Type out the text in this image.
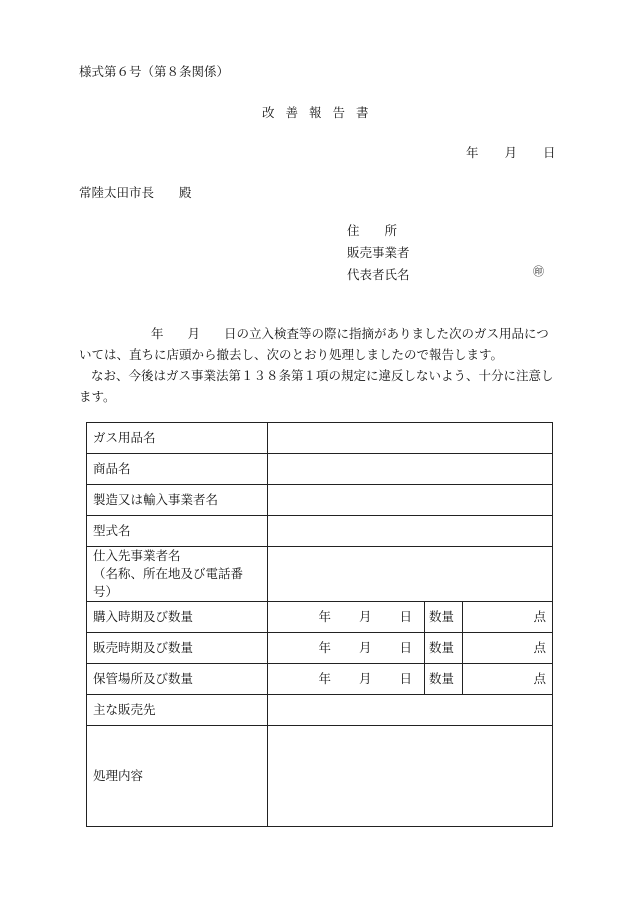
様式第６号（第８条関係）
改善報告書
年 月 日
常陸太田市長　　殿
住　　所
販売事業者
代表者氏名	㊞
年 月 日の立入検査等の際に指摘がありました次のガス用品については、直ちに店頭から撤去し、次のとおり処理しましたので報告します。
なお、今後はガス事業法第１３８条第１項の規定に違反しないよう、十分に注意します。
ガス用品名			
商品名			
製造又は輸入事業者名			
型式名			

仕入先事業者名
（名称、所在地及び電話番号）			

購入時期及び数量	年 月 日	数量	点
販売時期及び数量	年 月 日	数量	点
保管場所及び数量	年 月 日	数量	点
主な販売先			
処理内容			
